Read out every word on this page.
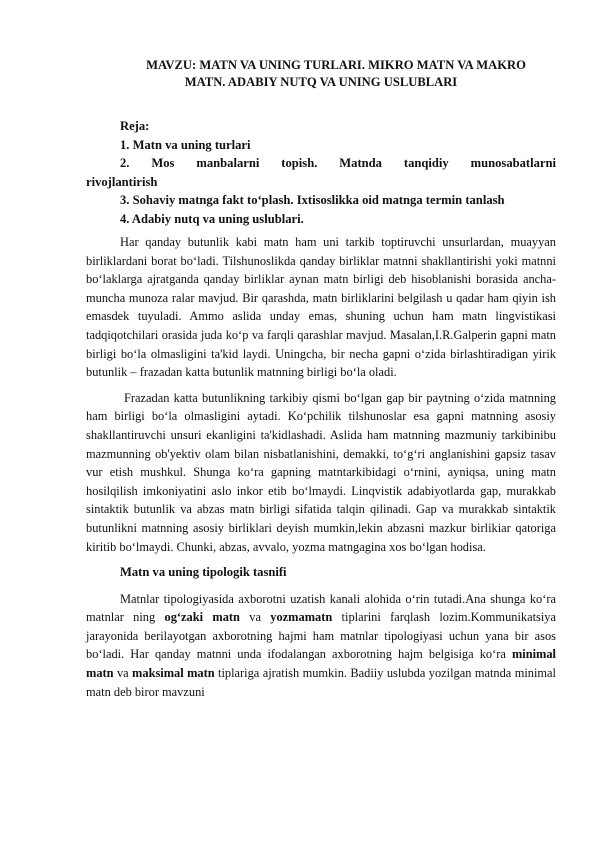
MAVZU: MATN VA UNING TURLARI. MIKRO MATN VA MAKRO
MATN. ADABIY NUTQ VA UNING USLUBLARI
Reja:
1. Matn va uning turlari
2. Mos manbalarni topish. Matnda tanqidiy munosabatlarni
rivojlantirish
3. Sohaviy matnga fakt to‘plash. Ixtisoslikka oid matnga termin tanlash
4. Adabiy nutq va uning uslublari.

Har qanday butunlik kabi matn ham uni tarkib toptiruvchi unsurlardan, muayyan birliklardani borat bo‘ladi. Tilshunoslikda qanday birliklar matnni shakllantirishi yoki matnni bo‘laklarga ajratganda qanday birliklar aynan matn birligi deb hisoblanishi borasida ancha-muncha munoza ralar mavjud. Bir qarashda, matn birliklarini belgilash u qadar ham qiyin ish emasdek tuyuladi. Ammo aslida unday emas, shuning uchun ham matn lingvistikasi tadqiqotchilari orasida juda ko‘p va farqli qarashlar mavjud. Masalan,I.R.Galperin gapni matn birligi bo‘la olmasligini ta'kid laydi. Uningcha, bir necha gapni o‘zida birlashtiradigan yirik butunlik – frazadan katta butunlik matnning birligi bo‘la oladi.

Frazadan katta butunlikning tarkibiy qismi bo‘lgan gap bir paytning o‘zida matnning ham birligi bo‘la olmasligini aytadi. Ko‘pchilik tilshunoslar esa gapni matnning asosiy shakllantiruvchi unsuri ekanligini ta'kidlashadi. Aslida ham matnning mazmuniy tarkibinibu mazmunning ob'yektiv olam bilan nisbatlanishini, demakki, to‘g‘ri anglanishini gapsiz tasav vur etish mushkul. Shunga ko‘ra gapning matntarkibidagi o‘rnini, ayniqsa, uning matn hosilqilish imkoniyatini aslo inkor etib bo‘lmaydi. Linqvistik adabiyotlarda gap, murakkab sintaktik butunlik va abzas matn birligi sifatida talqin qilinadi. Gap va murakkab sintaktik butunlikni matnning asosiy birliklari deyish mumkin,lekin abzasni mazkur birlikiar qatoriga kiritib bo‘lmaydi. Chunki, abzas, avvalo, yozma matngagina xos bo‘lgan hodisa.

Matn va uning tipologik tasnifi

Matnlar tipologiyasida axborotni uzatish kanali alohida o‘rin tutadi.Ana shunga ko‘ra matnlar ning og‘zaki matn va yozmamatn tiplarini farqlash lozim.Kommunikatsiya jarayonida berilayotgan axborotning hajmi ham matnlar tipologiyasi uchun yana bir asos bo‘ladi. Har qanday matnni unda ifodalangan axborotning hajm belgisiga ko‘ra minimal matn va maksimal matn tiplariga ajratish mumkin. Badiiy uslubda yozilgan matnda minimal matn deb biror mavzuni
